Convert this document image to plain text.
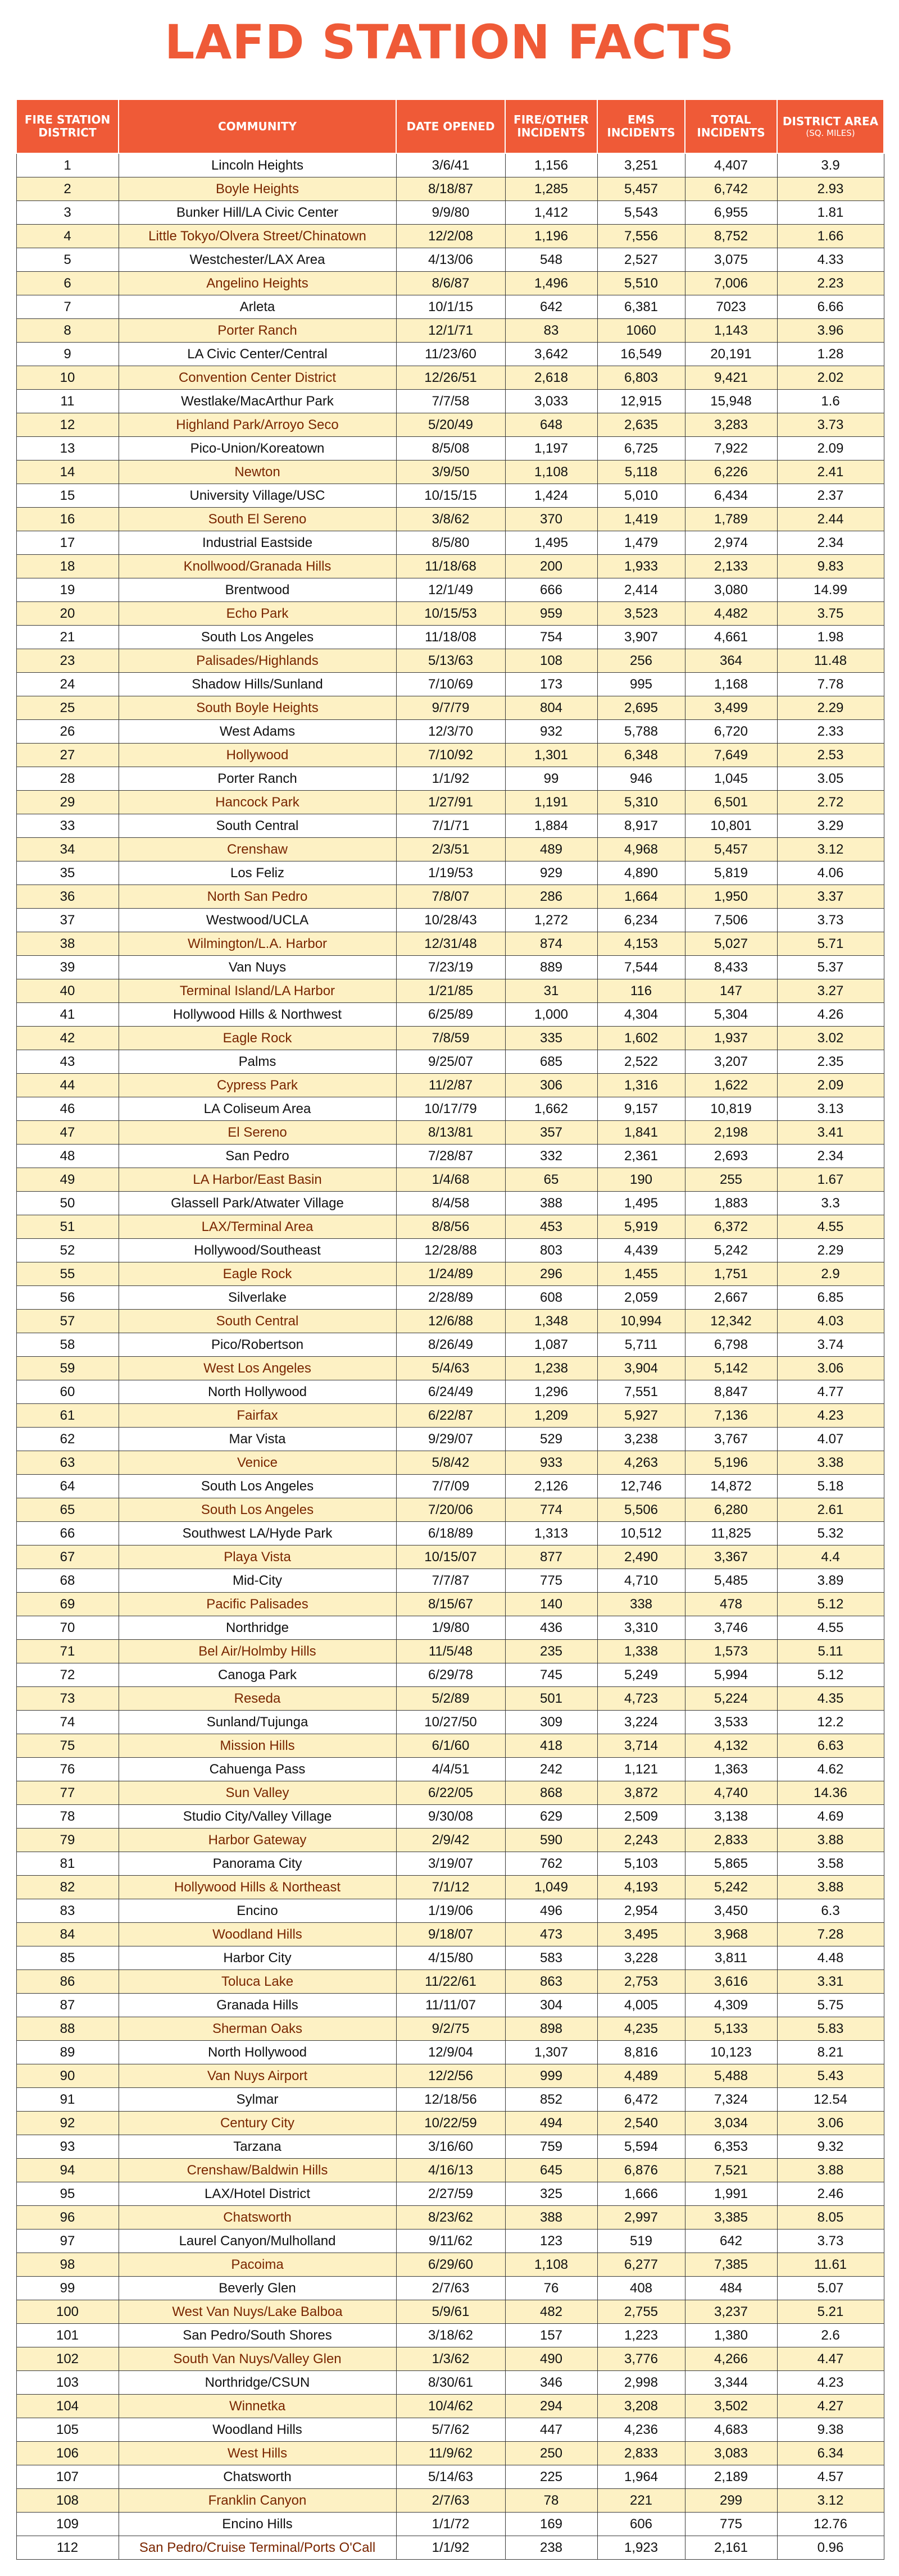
LAFD STATION FACTS
FIRE STATION DISTRICT	COMMUNITY	DATE OPENED	FIRE/OTHER INCIDENTS	EMS INCIDENTS	TOTAL INCIDENTS	DISTRICT AREA
(SQ. MILES)

1	Lincoln Heights	3/6/41	1,156	3,251	4,407	3.9
2	Boyle Heights	8/18/87	1,285	5,457	6,742	2.93
3	Bunker Hill/LA Civic Center	9/9/80	1,412	5,543	6,955	1.81
4	Little Tokyo/Olvera Street/Chinatown	12/2/08	1,196	7,556	8,752	1.66
5	Westchester/LAX Area	4/13/06	548	2,527	3,075	4.33
6	Angelino Heights	8/6/87	1,496	5,510	7,006	2.23
7	Arleta	10/1/15	642	6,381	7023	6.66
8	Porter Ranch	12/1/71	83	1060	1,143	3.96
9	LA Civic Center/Central	11/23/60	3,642	16,549	20,191	1.28
10	Convention Center District	12/26/51	2,618	6,803	9,421	2.02
11	Westlake/MacArthur Park	7/7/58	3,033	12,915	15,948	1.6
12	Highland Park/Arroyo Seco	5/20/49	648	2,635	3,283	3.73
13	Pico-Union/Koreatown	8/5/08	1,197	6,725	7,922	2.09
14	Newton	3/9/50	1,108	5,118	6,226	2.41
15	University Village/USC	10/15/15	1,424	5,010	6,434	2.37
16	South El Sereno	3/8/62	370	1,419	1,789	2.44
17	Industrial Eastside	8/5/80	1,495	1,479	2,974	2.34
18	Knollwood/Granada Hills	11/18/68	200	1,933	2,133	9.83
19	Brentwood	12/1/49	666	2,414	3,080	14.99
20	Echo Park	10/15/53	959	3,523	4,482	3.75
21	South Los Angeles	11/18/08	754	3,907	4,661	1.98
23	Palisades/Highlands	5/13/63	108	256	364	11.48
24	Shadow Hills/Sunland	7/10/69	173	995	1,168	7.78
25	South Boyle Heights	9/7/79	804	2,695	3,499	2.29
26	West Adams	12/3/70	932	5,788	6,720	2.33
27	Hollywood	7/10/92	1,301	6,348	7,649	2.53
28	Porter Ranch	1/1/92	99	946	1,045	3.05
29	Hancock Park	1/27/91	1,191	5,310	6,501	2.72
33	South Central	7/1/71	1,884	8,917	10,801	3.29
34	Crenshaw	2/3/51	489	4,968	5,457	3.12
35	Los Feliz	1/19/53	929	4,890	5,819	4.06
36	North San Pedro	7/8/07	286	1,664	1,950	3.37
37	Westwood/UCLA	10/28/43	1,272	6,234	7,506	3.73
38	Wilmington/L.A. Harbor	12/31/48	874	4,153	5,027	5.71
39	Van Nuys	7/23/19	889	7,544	8,433	5.37
40	Terminal Island/LA Harbor	1/21/85	31	116	147	3.27
41	Hollywood Hills & Northwest	6/25/89	1,000	4,304	5,304	4.26
42	Eagle Rock	7/8/59	335	1,602	1,937	3.02
43	Palms	9/25/07	685	2,522	3,207	2.35
44	Cypress Park	11/2/87	306	1,316	1,622	2.09
46	LA Coliseum Area	10/17/79	1,662	9,157	10,819	3.13
47	El Sereno	8/13/81	357	1,841	2,198	3.41
48	San Pedro	7/28/87	332	2,361	2,693	2.34
49	LA Harbor/East Basin	1/4/68	65	190	255	1.67
50	Glassell Park/Atwater Village	8/4/58	388	1,495	1,883	3.3
51	LAX/Terminal Area	8/8/56	453	5,919	6,372	4.55
52	Hollywood/Southeast	12/28/88	803	4,439	5,242	2.29
55	Eagle Rock	1/24/89	296	1,455	1,751	2.9
56	Silverlake	2/28/89	608	2,059	2,667	6.85
57	South Central	12/6/88	1,348	10,994	12,342	4.03
58	Pico/Robertson	8/26/49	1,087	5,711	6,798	3.74
59	West Los Angeles	5/4/63	1,238	3,904	5,142	3.06
60	North Hollywood	6/24/49	1,296	7,551	8,847	4.77
61	Fairfax	6/22/87	1,209	5,927	7,136	4.23
62	Mar Vista	9/29/07	529	3,238	3,767	4.07
63	Venice	5/8/42	933	4,263	5,196	3.38
64	South Los Angeles	7/7/09	2,126	12,746	14,872	5.18
65	South Los Angeles	7/20/06	774	5,506	6,280	2.61
66	Southwest LA/Hyde Park	6/18/89	1,313	10,512	11,825	5.32
67	Playa Vista	10/15/07	877	2,490	3,367	4.4
68	Mid-City	7/7/87	775	4,710	5,485	3.89
69	Pacific Palisades	8/15/67	140	338	478	5.12
70	Northridge	1/9/80	436	3,310	3,746	4.55
71	Bel Air/Holmby Hills	11/5/48	235	1,338	1,573	5.11
72	Canoga Park	6/29/78	745	5,249	5,994	5.12
73	Reseda	5/2/89	501	4,723	5,224	4.35
74	Sunland/Tujunga	10/27/50	309	3,224	3,533	12.2
75	Mission Hills	6/1/60	418	3,714	4,132	6.63
76	Cahuenga Pass	4/4/51	242	1,121	1,363	4.62
77	Sun Valley	6/22/05	868	3,872	4,740	14.36
78	Studio City/Valley Village	9/30/08	629	2,509	3,138	4.69
79	Harbor Gateway	2/9/42	590	2,243	2,833	3.88
81	Panorama City	3/19/07	762	5,103	5,865	3.58
82	Hollywood Hills & Northeast	7/1/12	1,049	4,193	5,242	3.88
83	Encino	1/19/06	496	2,954	3,450	6.3
84	Woodland Hills	9/18/07	473	3,495	3,968	7.28
85	Harbor City	4/15/80	583	3,228	3,811	4.48
86	Toluca Lake	11/22/61	863	2,753	3,616	3.31
87	Granada Hills	11/11/07	304	4,005	4,309	5.75
88	Sherman Oaks	9/2/75	898	4,235	5,133	5.83
89	North Hollywood	12/9/04	1,307	8,816	10,123	8.21
90	Van Nuys Airport	12/2/56	999	4,489	5,488	5.43
91	Sylmar	12/18/56	852	6,472	7,324	12.54
92	Century City	10/22/59	494	2,540	3,034	3.06
93	Tarzana	3/16/60	759	5,594	6,353	9.32
94	Crenshaw/Baldwin Hills	4/16/13	645	6,876	7,521	3.88
95	LAX/Hotel District	2/27/59	325	1,666	1,991	2.46
96	Chatsworth	8/23/62	388	2,997	3,385	8.05
97	Laurel Canyon/Mulholland	9/11/62	123	519	642	3.73
98	Pacoima	6/29/60	1,108	6,277	7,385	11.61
99	Beverly Glen	2/7/63	76	408	484	5.07
100	West Van Nuys/Lake Balboa	5/9/61	482	2,755	3,237	5.21
101	San Pedro/South Shores	3/18/62	157	1,223	1,380	2.6
102	South Van Nuys/Valley Glen	1/3/62	490	3,776	4,266	4.47
103	Northridge/CSUN	8/30/61	346	2,998	3,344	4.23
104	Winnetka	10/4/62	294	3,208	3,502	4.27
105	Woodland Hills	5/7/62	447	4,236	4,683	9.38
106	West Hills	11/9/62	250	2,833	3,083	6.34
107	Chatsworth	5/14/63	225	1,964	2,189	4.57
108	Franklin Canyon	2/7/63	78	221	299	3.12
109	Encino Hills	1/1/72	169	606	775	12.76
112	San Pedro/Cruise Terminal/Ports O'Call	1/1/92	238	1,923	2,161	0.96
